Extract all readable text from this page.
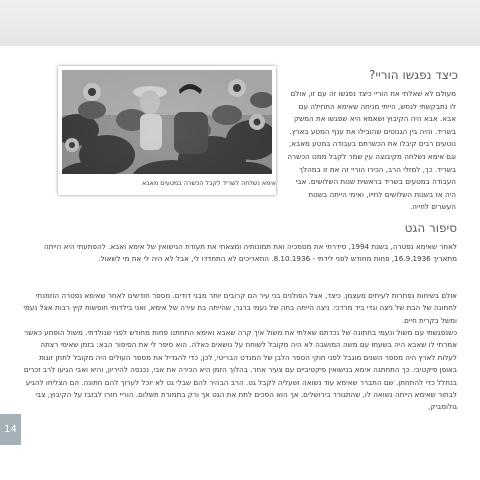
כיצד נפגשו הוריי?
מעולם לא שאלתי את הוריי כיצד נפגשו זה עם זו, אולם לו נתבקשתי לנחש, הייתי מניחה שאימא התחילה עם אבא. אבא היה הקיבוץ ושאמא היא שפגשו את המשק בשריד. והיה בין הגנוטים שהובילו את ענף המטע בארץ. נוטעים רבים קיבלו את הכשרתם בעבודה במטע מאבא, וגם אימא נשלחה מקיבוצה עין שמר לקבל ממנו הכשרה בשריד. כך, למזלי הרב, הכירו הוריי זה את זו במהלך העבודה במטעים בשריד בראשית שנות השלושים. אבי היה אז בשנות השלושים לחייו, ואימי הייתה בשנות העשרים לחייה.
אימא נשלחה לשריד לקבל הכשרה במטעים מאבא
סיפור הגט
לאחר שאימא נפטרה, בשנת 1994, סידרתי את מסמכיה ואת תמונותיה ומצאתי את תעודת הנישואין של אימא ואבא. להפתעתי היא הייתה מתאריך 16.9.1936, פחות מחודש לפני לידתי - 8.10.1936. התאריכים לא התחדדו לי, אבל לא היה לי את מי לשאול.
אולם בשיחות נפתרות לעיתים מעצמן. כיצד, אצל הפולנים בני עיר הם קרובים יותר מבני דודים. מספר חודשים לאחר שאימא נפטרה הוזמנתי לחתונה של הבת של ניצה וגדי ביד מרדכי. ניצה הייתה בתה של נעמי ברגר, שהייתה בת עירה של אימא, ואני בילדותי חופשות קיץ רבות אצל נעמי ומשל בקרית חיים.
כשנפגשתי עם משול ונעמי בחתונה של נכדתם שאלתי את משול איך קרה שאבא ואימא התחתנו פחות מחודש לפני שנולדתי. משול הופתע כאשר אמרתי לו שאבא היה בשעתו עם משה המושבה לא היה מקובל לשוחח על נושאים כאלה. הוא סיפר לי את הסיפור הבא: בזמן שאימי רצתה לעלות לארץ היה מספר השנים מוגבל לפני חוקי הספר הלבן של המנדט הבריטי, לכן, כדי להגדיל את מספר העולים היה מקובל לתתן זוגות באופן פיקטיבי. כך התחתנה אימא בנישואין פיקטיביים עם צעיר אחר. בהלוך הזמן היא הכירה את אבי, נכנסה להיריון, והיא ואבי הגיעו לרב זכרים בנחלל כדי להתחתן. שם התברר שאימא עוד נשואה ושעליה לקבל גט. הרב הבהיר להם שבלי גט לא יוכל לערוך להם חתונה. הם הצליחו להגיע לבחור שאימא הייתה נשואה לו, שהתגורר בירושלים. אך הוא הסכים לתת את הגט אך ורק בתמורת תשלום. הוריי חזרו לבזבז על הקיבוץ, צבי גולומביק,
14
